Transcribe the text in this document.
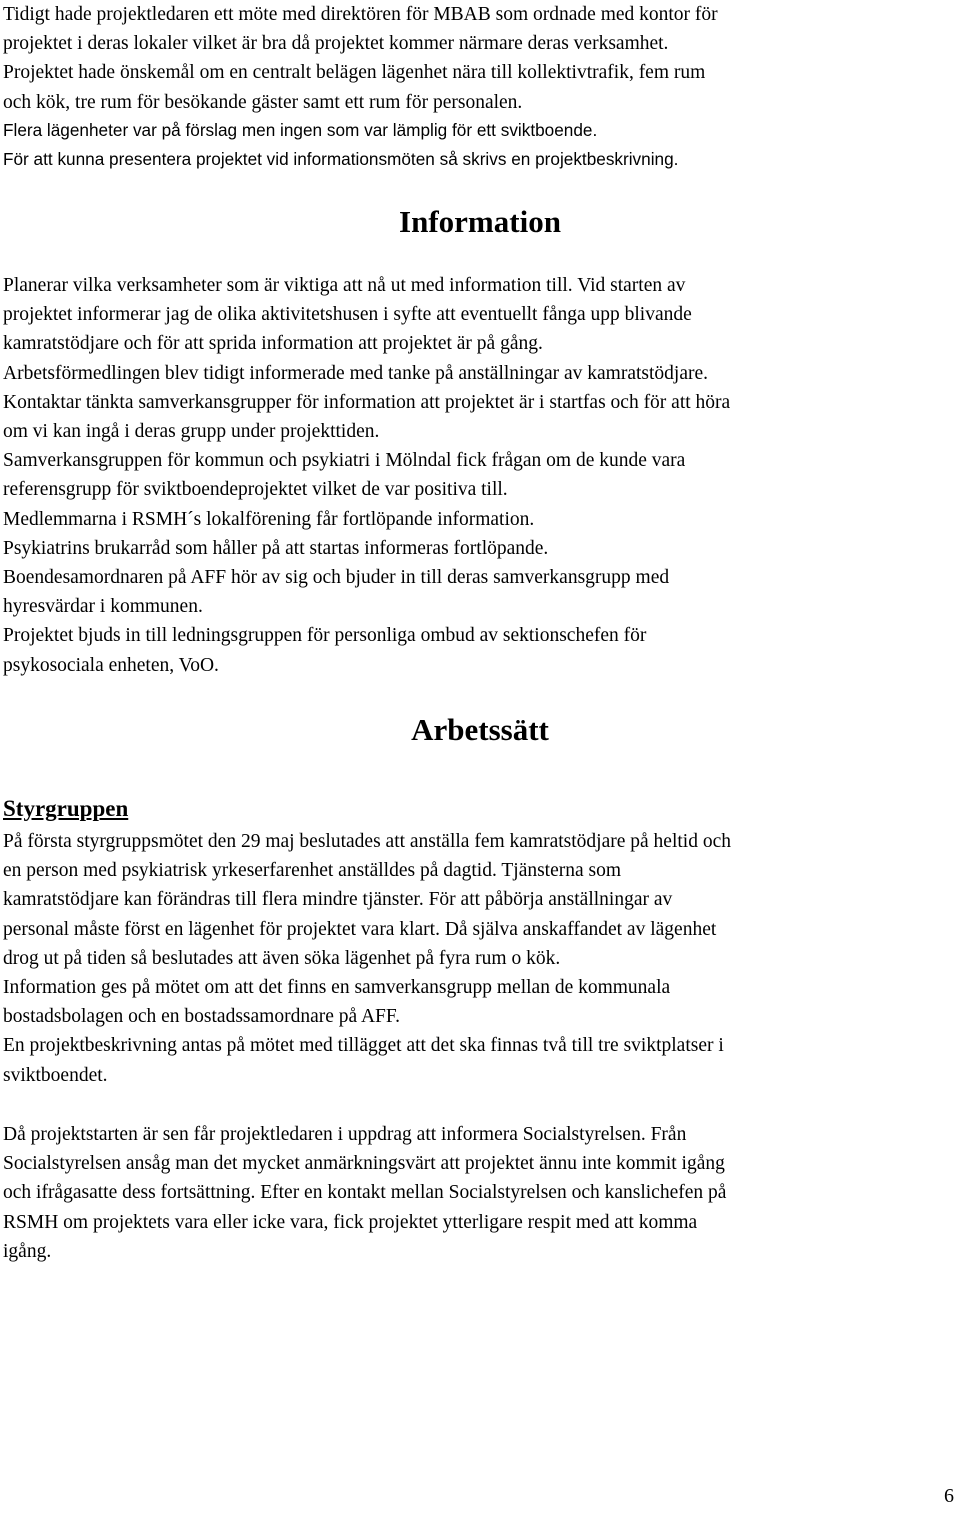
Tidigt hade projektledaren ett möte med direktören för MBAB som ordnade med kontor för
projektet i deras lokaler vilket är bra då projektet kommer närmare deras verksamhet.
Projektet hade önskemål om en centralt belägen lägenhet nära till kollektivtrafik, fem rum
och kök, tre rum för besökande gäster samt ett rum för personalen.
Flera lägenheter var på förslag men ingen som var lämplig för ett sviktboende.
För att kunna presentera projektet vid informationsmöten så skrivs en projektbeskrivning.
Information
Planerar vilka verksamheter som är viktiga att nå ut med information till. Vid starten av
projektet informerar jag de olika aktivitetshusen i syfte att eventuellt fånga upp blivande
kamratstödjare och för att sprida information att projektet är på gång.
Arbetsförmedlingen blev tidigt informerade med tanke på anställningar av kamratstödjare.
Kontaktar tänkta samverkansgrupper för information att projektet är i startfas och för att höra
om vi kan ingå i deras grupp under projekttiden.
Samverkansgruppen för kommun och psykiatri i Mölndal fick frågan om de kunde vara
referensgrupp för sviktboendeprojektet vilket de var positiva till.
Medlemmarna i RSMH´s lokalförening får fortlöpande information.
Psykiatrins brukarråd som håller på att startas informeras fortlöpande.
Boendesamordnaren på AFF hör av sig och bjuder in till deras samverkansgrupp med
hyresvärdar i kommunen.
Projektet bjuds in till ledningsgruppen för personliga ombud av sektionschefen för
psykosociala enheten, VoO.
Arbetssätt
Styrgruppen
På första styrgruppsmötet den 29 maj beslutades att anställa fem kamratstödjare på heltid och
en person med psykiatrisk yrkeserfarenhet anställdes på dagtid. Tjänsterna som
kamratstödjare kan förändras till flera mindre tjänster. För att påbörja anställningar av
personal måste först en lägenhet för projektet vara klart. Då själva anskaffandet av lägenhet
drog ut på tiden så beslutades att även söka lägenhet på fyra rum o kök.
Information ges på mötet om att det finns en samverkansgrupp mellan de kommunala
bostadsbolagen och en bostadssamordnare på AFF.
En projektbeskrivning antas på mötet med tillägget att det ska finnas två till tre sviktplatser i
sviktboendet.
Då projektstarten är sen får projektledaren i uppdrag att informera Socialstyrelsen. Från
Socialstyrelsen ansåg man det mycket anmärkningsvärt att projektet ännu inte kommit igång
och ifrågasatte dess fortsättning. Efter en kontakt mellan Socialstyrelsen och kanslichefen på
RSMH om projektets vara eller icke vara, fick projektet ytterligare respit med att komma
igång.
6
